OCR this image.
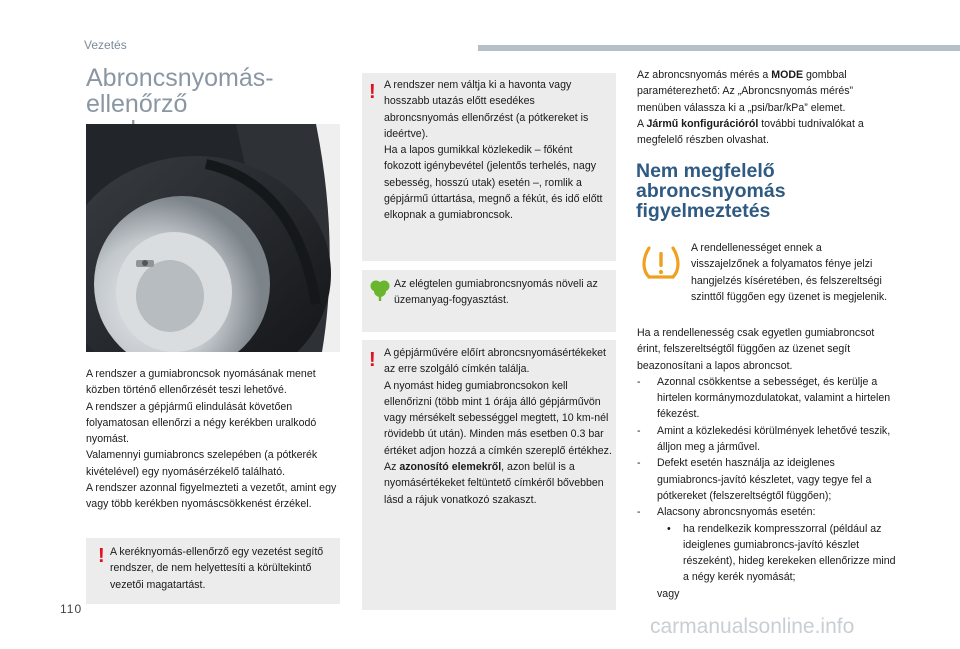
Vezetés
Abroncsnyomás-ellenőrző
A rendszer a gumiabroncsok nyomásának menet közben történő ellenőrzését teszi lehetővé.
A rendszer a gépjármű elindulását követően folyamatosan ellenőrzi a négy kerékben uralkodó nyomást.
Valamennyi gumiabroncs szelepében (a pótkerék kivételével) egy nyomásérzékelő található.
A rendszer azonnal figyelmezteti a vezetőt, amint egy vagy több kerékben nyomáscsökkenést érzékel.
! A keréknyomás-ellenőrző egy vezetést segítő rendszer, de nem helyettesíti a körültekintő vezetői magatartást.
! A rendszer nem váltja ki a havonta vagy hosszabb utazás előtt esedékes abroncsnyomás ellenőrzést (a pótkereket is ideértve).
Ha a lapos gumikkal közlekedik – főként fokozott igénybevétel (jelentős terhelés, nagy sebesség, hosszú utak) esetén –, romlik a gépjármű úttartása, megnő a fékút, és idő előtt elkopnak a gumiabroncsok.
Az elégtelen gumiabroncsnyomás növeli az üzemanyag-fogyasztást.
! A gépjárműv​ére előírt abroncsnyomásértékeket az erre szolgáló címkén találja.
A nyomást hideg gumiabroncsokon kell ellenőrizni (több mint 1 órája álló gépjárművön vagy mérsékelt sebességgel megtett, 10 km-nél rövidebb út után). Minden más esetben 0.3 bar értéket adjon hozzá a címkén szereplő értékhez.
Az azonosító elemekről, azon belül is a nyomásértékeket feltüntető címkéről bővebben lásd a rájuk vonatkozó szakaszt.
Az abroncsnyomás mérés a MODE gombbal paraméterezhető: Az „Abroncsnyomás mérés” menüben válassza ki a „psi/bar/kPa” elemet.
A Jármű konfigurációról további tudnivalókat a megfelelő részben olvashat.
Nem megfelelő
abroncsnyomás
figyelmeztetés
A rendellenességet ennek a visszajelzőnek a folyamatos fénye jelzi hangjelzés kíséretében, és felszereltségi szinttől függően egy üzenet is megjelenik.
Ha a rendellenesség csak egyetlen gumiabroncsot érint, felszereltségtől függően az üzenet segít beazonosítani a lapos abroncsot.
- Azonnal csökkentse a sebességet, és kerülje a hirtelen kormánymozdulatokat, valamint a hirtelen fékezést.
- Amint a közlekedési körülmények lehetővé teszik, álljon meg a járművel.
- Defekt esetén használja az ideiglenes gumiabroncs-javító készletet, vagy tegye fel a pótkereket (felszereltségtől függően);
- Alacsony abroncsnyomás esetén:
• ha rendelkezik kompresszorral (például az ideiglenes gumiabroncs-javító készlet részeként), hideg kerekeken ellenőrizze mind a négy kerék nyomását;
vagy
110
carmanualsonline.info
